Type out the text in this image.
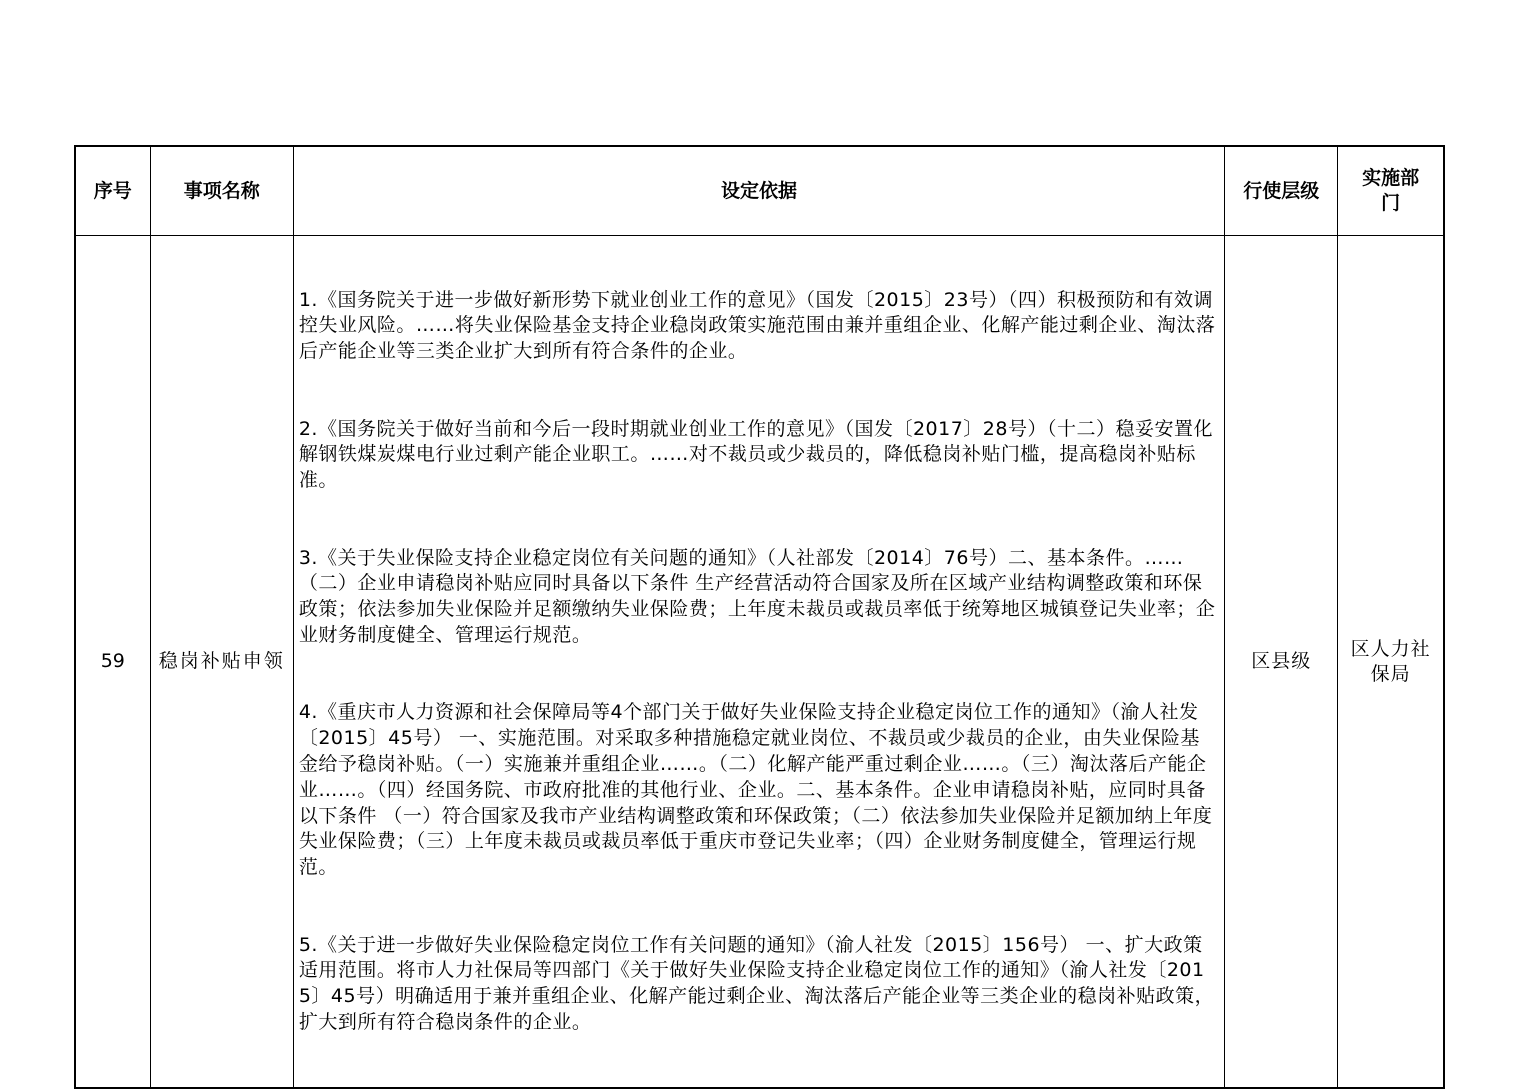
序号	事项名称	设定依据	行使层级	实施部门
59	稳岗补贴申领	1.《国务院关于进一步做好新形势下就业创业工作的意见》（国发〔2015〕23号）（四）积极预防和有效调控失业风险。……将失业保险基金支持企业稳岗政策实施范围由兼并重组企业、化解产能过剩企业、淘汰落后产能企业等三类企业扩大到所有符合条件的企业。

2.《国务院关于做好当前和今后一段时期就业创业工作的意见》（国发〔2017〕28号）（十二）稳妥安置化解钢铁煤炭煤电行业过剩产能企业职工。……对不裁员或少裁员的，降低稳岗补贴门槛，提高稳岗补贴标准。

3.《关于失业保险支持企业稳定岗位有关问题的通知》（人社部发〔2014〕76号）二、基本条件。……（二）企业申请稳岗补贴应同时具备以下条件 生产经营活动符合国家及所在区域产业结构调整政策和环保政策；依法参加失业保险并足额缴纳失业保险费；上年度未裁员或裁员率低于统筹地区城镇登记失业率；企业财务制度健全、管理运行规范。

4.《重庆市人力资源和社会保障局等4个部门关于做好失业保险支持企业稳定岗位工作的通知》（渝人社发〔2015〕45号） 一、实施范围。对采取多种措施稳定就业岗位、不裁员或少裁员的企业，由失业保险基金给予稳岗补贴。（一）实施兼并重组企业……。（二）化解产能严重过剩企业……。（三）淘汰落后产能企业……。（四）经国务院、市政府批准的其他行业、企业。二、基本条件。企业申请稳岗补贴，应同时具备以下条件 （一）符合国家及我市产业结构调整政策和环保政策；（二）依法参加失业保险并足额加纳上年度失业保险费；（三）上年度未裁员或裁员率低于重庆市登记失业率；（四）企业财务制度健全，管理运行规范。

5.《关于进一步做好失业保险稳定岗位工作有关问题的通知》（渝人社发〔2015〕156号） 一、扩大政策适用范围。将市人力社保局等四部门《关于做好失业保险支持企业稳定岗位工作的通知》（渝人社发〔2015〕45号）明确适用于兼并重组企业、化解产能过剩企业、淘汰落后产能企业等三类企业的稳岗补贴政策，扩大到所有符合稳岗条件的企业。	区县级	区人力社保局
